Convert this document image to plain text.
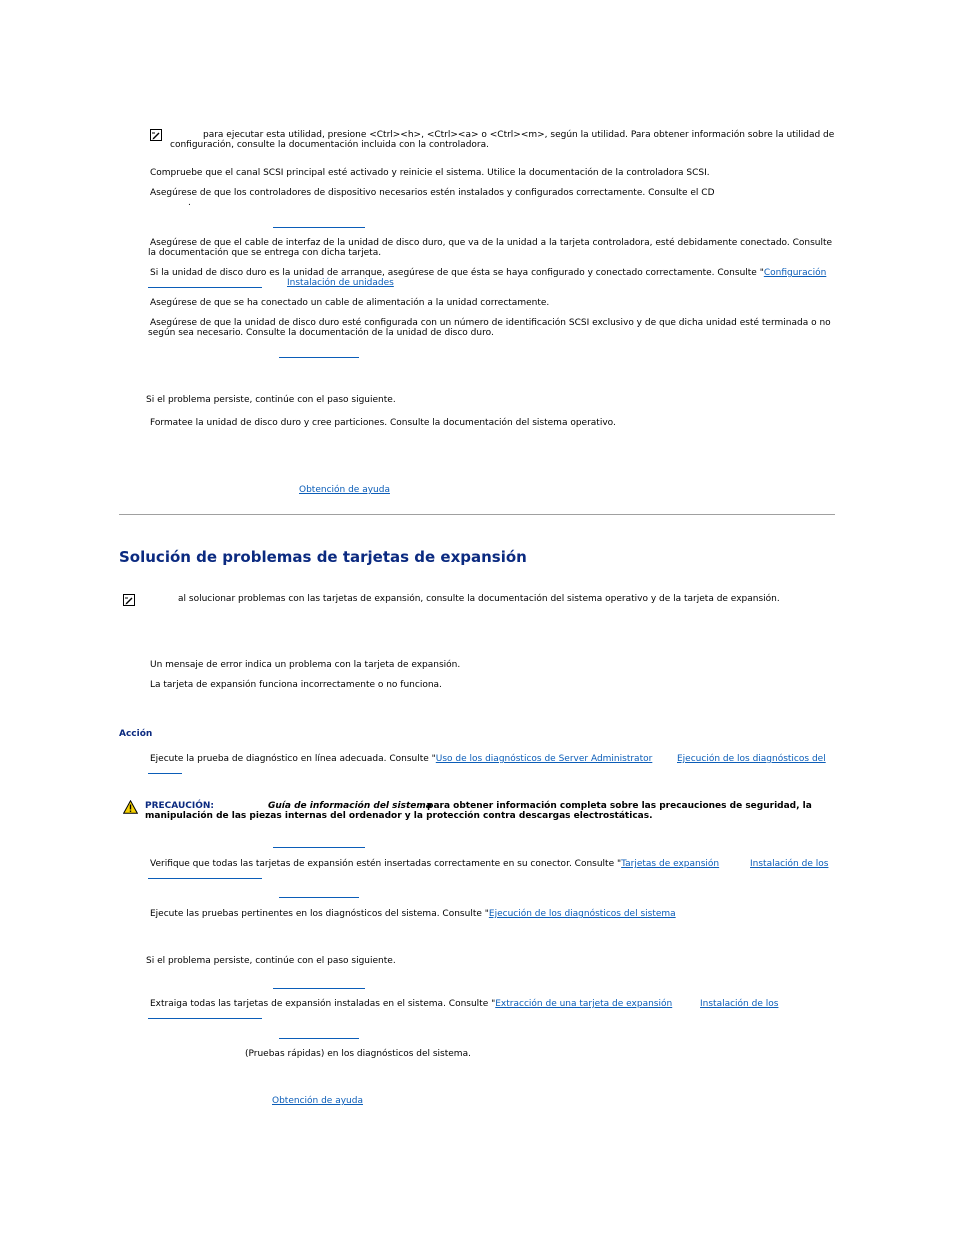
para ejecutar esta utilidad, presione <Ctrl><h>, <Ctrl><a> o <Ctrl><m>, según la utilidad. Para obtener información sobre la utilidad de
configuración, consulte la documentación incluida con la controladora.
Compruebe que el canal SCSI principal esté activado y reinicie el sistema. Utilice la documentación de la controladora SCSI.
Asegúrese de que los controladores de dispositivo necesarios estén instalados y configurados correctamente. Consulte el CD
.
Asegúrese de que el cable de interfaz de la unidad de disco duro, que va de la unidad a la tarjeta controladora, esté debidamente conectado. Consulte
la documentación que se entrega con dicha tarjeta.
Si la unidad de disco duro es la unidad de arranque, asegúrese de que ésta se haya configurado y conectado correctamente. Consulte "Configuración
Instalación de unidades
Asegúrese de que se ha conectado un cable de alimentación a la unidad correctamente.
Asegúrese de que la unidad de disco duro esté configurada con un número de identificación SCSI exclusivo y de que dicha unidad esté terminada o no
según sea necesario. Consulte la documentación de la unidad de disco duro.
Si el problema persiste, continúe con el paso siguiente.
Formatee la unidad de disco duro y cree particiones. Consulte la documentación del sistema operativo.
Obtención de ayuda
Solución de problemas de tarjetas de expansión
al solucionar problemas con las tarjetas de expansión, consulte la documentación del sistema operativo y de la tarjeta de expansión.
Un mensaje de error indica un problema con la tarjeta de expansión.
La tarjeta de expansión funciona incorrectamente o no funciona.
Acción
Ejecute la prueba de diagnóstico en línea adecuada. Consulte "Uso de los diagnósticos de Server Administrator	Ejecución de los diagnósticos del
PRECAUCIÓN:	Guía de información del sistema
para obtener información completa sobre las precauciones de seguridad, la
manipulación de las piezas internas del ordenador y la protección contra descargas electrostáticas.
Verifique que todas las tarjetas de expansión estén insertadas correctamente en su conector. Consulte "Tarjetas de expansión	Instalación de los
Ejecute las pruebas pertinentes en los diagnósticos del sistema. Consulte "Ejecución de los diagnósticos del sistema
Si el problema persiste, continúe con el paso siguiente.
Extraiga todas las tarjetas de expansión instaladas en el sistema. Consulte "Extracción de una tarjeta de expansión	Instalación de los
(Pruebas rápidas) en los diagnósticos del sistema.
Obtención de ayuda
